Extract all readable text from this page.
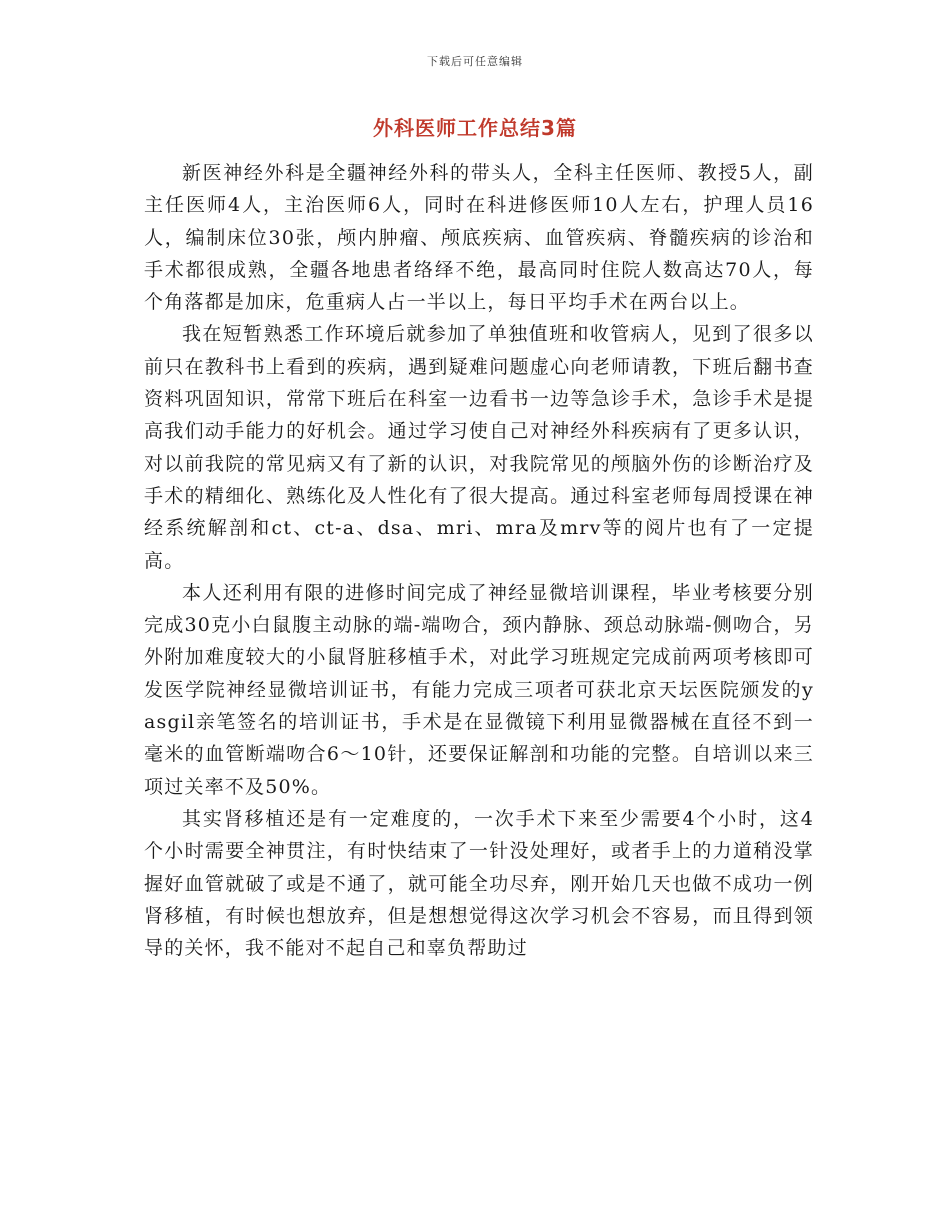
下载后可任意编辑
外科医师工作总结3篇

新医神经外科是全疆神经外科的带头人，全科主任医师、教授5人，副主任医师4人，主治医师6人，同时在科进修医师10人左右，护理人员16人，编制床位30张，颅内肿瘤、颅底疾病、血管疾病、脊髓疾病的诊治和手术都很成熟，全疆各地患者络绎不绝，最高同时住院人数高达70人，每个角落都是加床，危重病人占一半以上，每日平均手术在两台以上。

我在短暂熟悉工作环境后就参加了单独值班和收管病人，见到了很多以前只在教科书上看到的疾病，遇到疑难问题虚心向老师请教，下班后翻书查资料巩固知识，常常下班后在科室一边看书一边等急诊手术，急诊手术是提高我们动手能力的好机会。通过学习使自己对神经外科疾病有了更多认识，对以前我院的常见病又有了新的认识，对我院常见的颅脑外伤的诊断治疗及手术的精细化、熟练化及人性化有了很大提高。通过科室老师每周授课在神经系统解剖和ct、ct-a、dsa、mri、mra及mrv等的阅片也有了一定提高。

本人还利用有限的进修时间完成了神经显微培训课程，毕业考核要分别完成30克小白鼠腹主动脉的端-端吻合，颈内静脉、颈总动脉端-侧吻合，另外附加难度较大的小鼠肾脏移植手术，对此学习班规定完成前两项考核即可发医学院神经显微培训证书，有能力完成三项者可获北京天坛医院颁发的yasgil亲笔签名的培训证书，手术是在显微镜下利用显微器械在直径不到一毫米的血管断端吻合6～10针，还要保证解剖和功能的完整。自培训以来三项过关率不及50%。

其实肾移植还是有一定难度的，一次手术下来至少需要4个小时，这4个小时需要全神贯注，有时快结束了一针没处理好，或者手上的力道稍没掌握好血管就破了或是不通了，就可能全功尽弃，刚开始几天也做不成功一例肾移植，有时候也想放弃，但是想想觉得这次学习机会不容易，而且得到领导的关怀，我不能对不起自己和辜负帮助过
